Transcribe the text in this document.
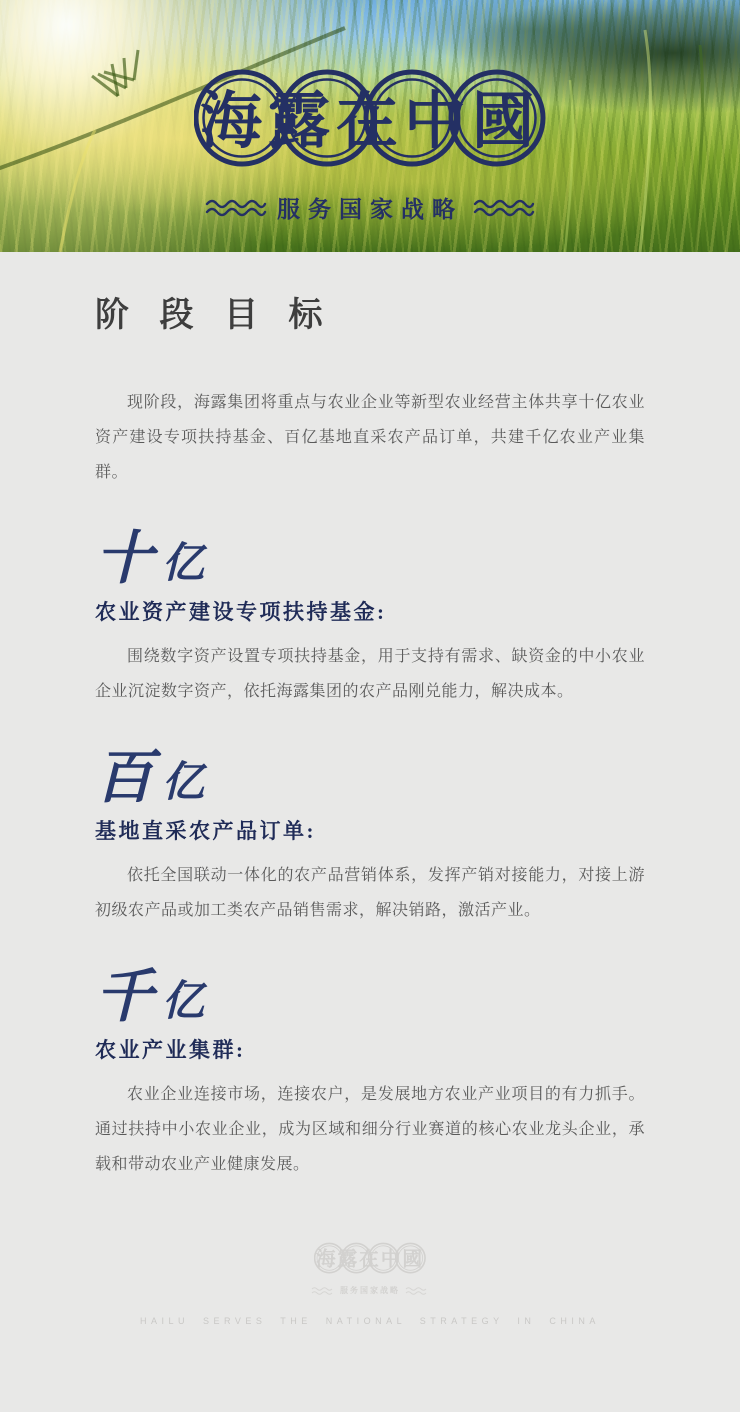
海露在中國
服务国家战略
阶 段 目 标

现阶段，海露集团将重点与农业企业等新型农业经营主体共享十亿农业资产建设专项扶持基金、百亿基地直采农产品订单，共建千亿农业产业集群。

十 亿
农业资产建设专项扶持基金:

围绕数字资产设置专项扶持基金，用于支持有需求、缺资金的中小农业企业沉淀数字资产，依托海露集团的农产品刚兑能力，解决成本。

百 亿
基地直采农产品订单:

依托全国联动一体化的农产品营销体系，发挥产销对接能力，对接上游初级农产品或加工类农产品销售需求，解决销路，激活产业。

千 亿
农业产业集群:

农业企业连接市场，连接农户，是发展地方农业产业项目的有力抓手。通过扶持中小农业企业，成为区域和细分行业赛道的核心农业龙头企业，承载和带动农业产业健康发展。

海露在中國
服务国家战略
HAILU SERVES THE NATIONAL STRATEGY IN CHINA
